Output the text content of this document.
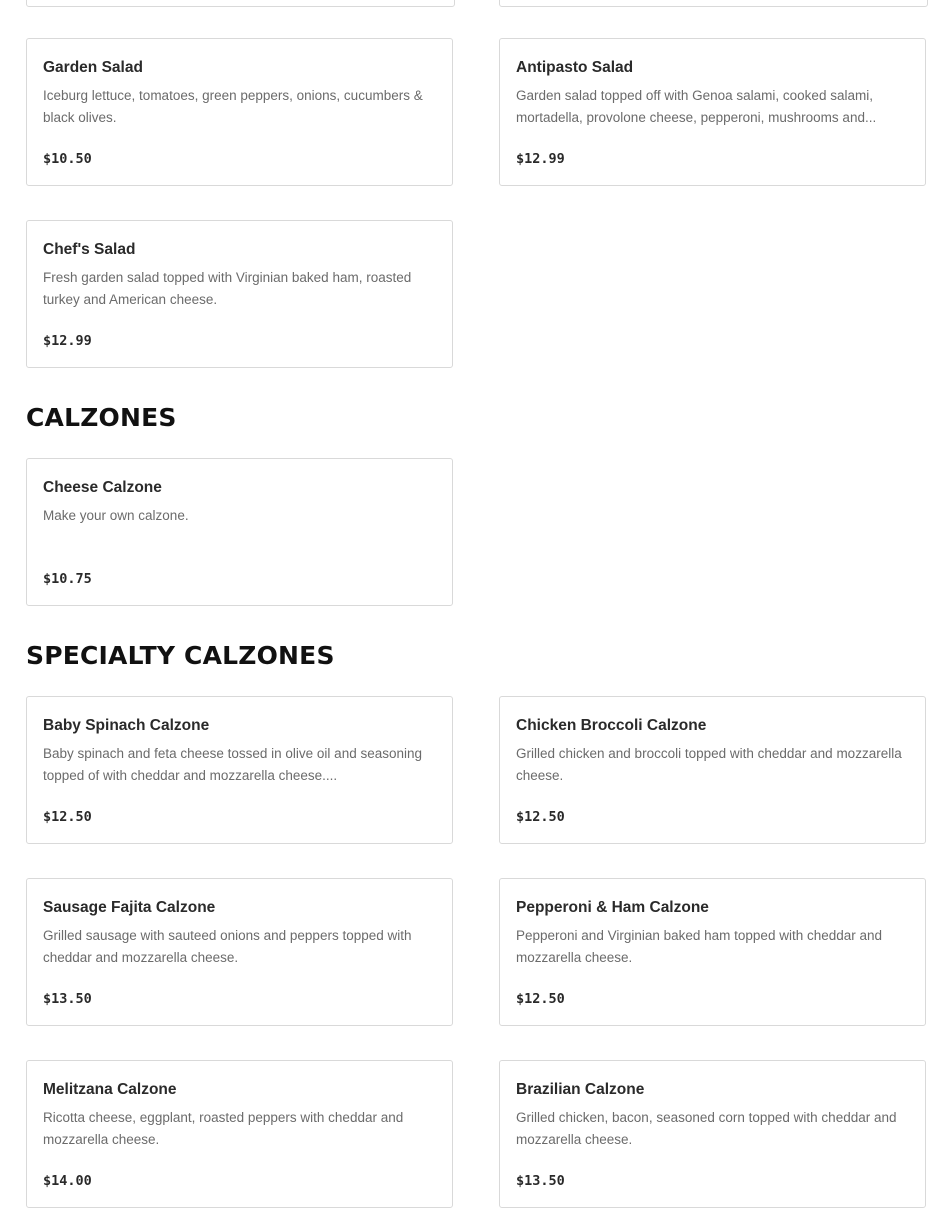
Garden Salad
Iceburg lettuce, tomatoes, green peppers, onions, cucumbers & black olives.
$10.50
Antipasto Salad
Garden salad topped off with Genoa salami, cooked salami, mortadella, provolone cheese, pepperoni, mushrooms and...
$12.99
Chef's Salad
Fresh garden salad topped with Virginian baked ham, roasted turkey and American cheese.
$12.99
CALZONES
Cheese Calzone
Make your own calzone.
$10.75
SPECIALTY CALZONES
Baby Spinach Calzone
Baby spinach and feta cheese tossed in olive oil and seasoning topped of with cheddar and mozzarella cheese....
$12.50
Chicken Broccoli Calzone
Grilled chicken and broccoli topped with cheddar and mozzarella cheese.
$12.50
Sausage Fajita Calzone
Grilled sausage with sauteed onions and peppers topped with cheddar and mozzarella cheese.
$13.50
Pepperoni & Ham Calzone
Pepperoni and Virginian baked ham topped with cheddar and mozzarella cheese.
$12.50
Melitzana Calzone
Ricotta cheese, eggplant, roasted peppers with cheddar and mozzarella cheese.
$14.00
Brazilian Calzone
Grilled chicken, bacon, seasoned corn topped with cheddar and mozzarella cheese.
$13.50
